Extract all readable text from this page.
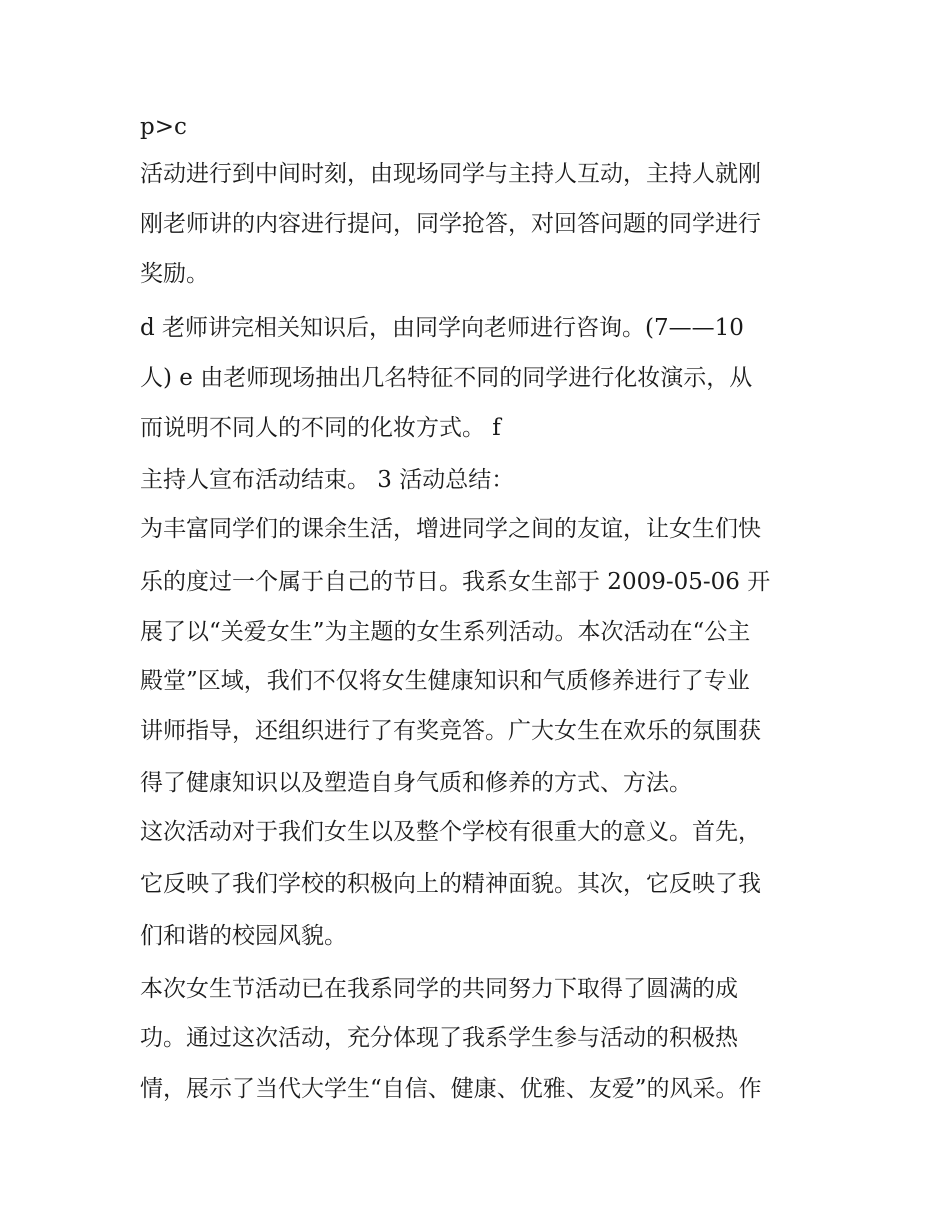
p>c

活动进行到中间时刻，由现场同学与主持人互动，主持人就刚

刚老师讲的内容进行提问，同学抢答，对回答问题的同学进行

奖励。

d 老师讲完相关知识后，由同学向老师进行咨询。(7——10

人) e 由老师现场抽出几名特征不同的同学进行化妆演示，从

而说明不同人的不同的化妆方式。 f

主持人宣布活动结束。 3 活动总结：

为丰富同学们的课余生活，增进同学之间的友谊，让女生们快

乐的度过一个属于自己的节日。我系女生部于 2009-05-06 开

展了以“关爱女生”为主题的女生系列活动。本次活动在“公主

殿堂”区域，我们不仅将女生健康知识和气质修养进行了专业

讲师指导，还组织进行了有奖竞答。广大女生在欢乐的氛围获

得了健康知识以及塑造自身气质和修养的方式、方法。

这次活动对于我们女生以及整个学校有很重大的意义。首先，

它反映了我们学校的积极向上的精神面貌。其次，它反映了我

们和谐的校园风貌。

本次女生节活动已在我系同学的共同努力下取得了圆满的成

功。通过这次活动，充分体现了我系学生参与活动的积极热

情，展示了当代大学生“自信、健康、优雅、友爱”的风采。作
